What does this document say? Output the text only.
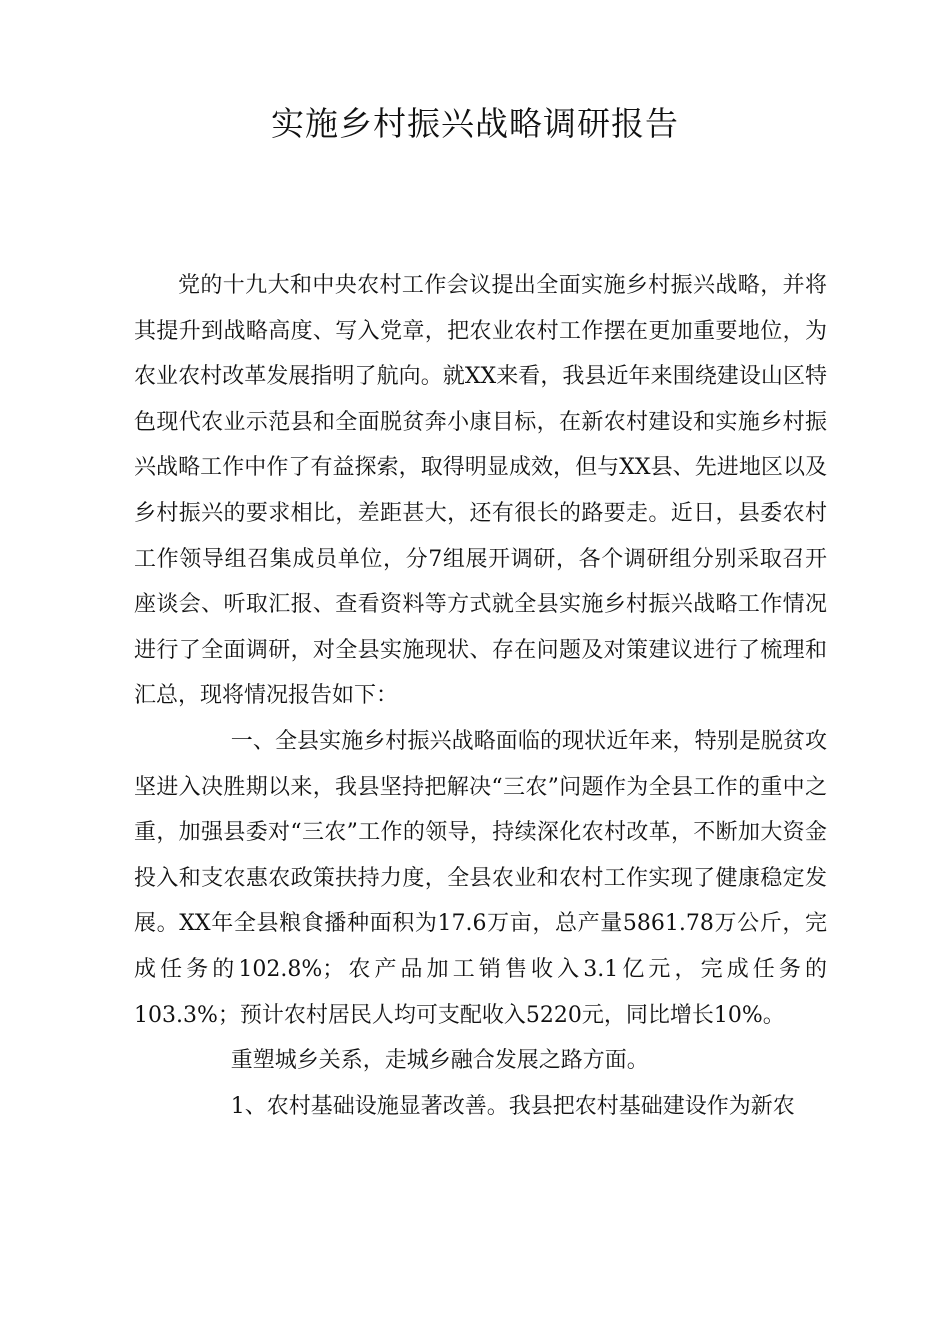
实施乡村振兴战略调研报告

党的十九大和中央农村工作会议提出全面实施乡村振兴战略，并将其提升到战略高度、写入党章，把农业农村工作摆在更加重要地位，为农业农村改革发展指明了航向。就XX来看，我县近年来围绕建设山区特色现代农业示范县和全面脱贫奔小康目标，在新农村建设和实施乡村振兴战略工作中作了有益探索，取得明显成效，但与XX县、先进地区以及乡村振兴的要求相比，差距甚大，还有很长的路要走。近日，县委农村工作领导组召集成员单位，分7组展开调研，各个调研组分别采取召开座谈会、听取汇报、查看资料等方式就全县实施乡村振兴战略工作情况进行了全面调研，对全县实施现状、存在问题及对策建议进行了梳理和汇总，现将情况报告如下：

一、全县实施乡村振兴战略面临的现状近年来，特别是脱贫攻坚进入决胜期以来，我县坚持把解决“三农”问题作为全县工作的重中之重，加强县委对“三农”工作的领导，持续深化农村改革，不断加大资金投入和支农惠农政策扶持力度，全县农业和农村工作实现了健康稳定发展。XX年全县粮食播种面积为17.6万亩，总产量5861.78万公斤，完成任务的102.8%；农产品加工销售收入3.1亿元，完成任务的103.3%；预计农村居民人均可支配收入5220元，同比增长10%。

重塑城乡关系，走城乡融合发展之路方面。

1、农村基础设施显著改善。我县把农村基础建设作为新农
